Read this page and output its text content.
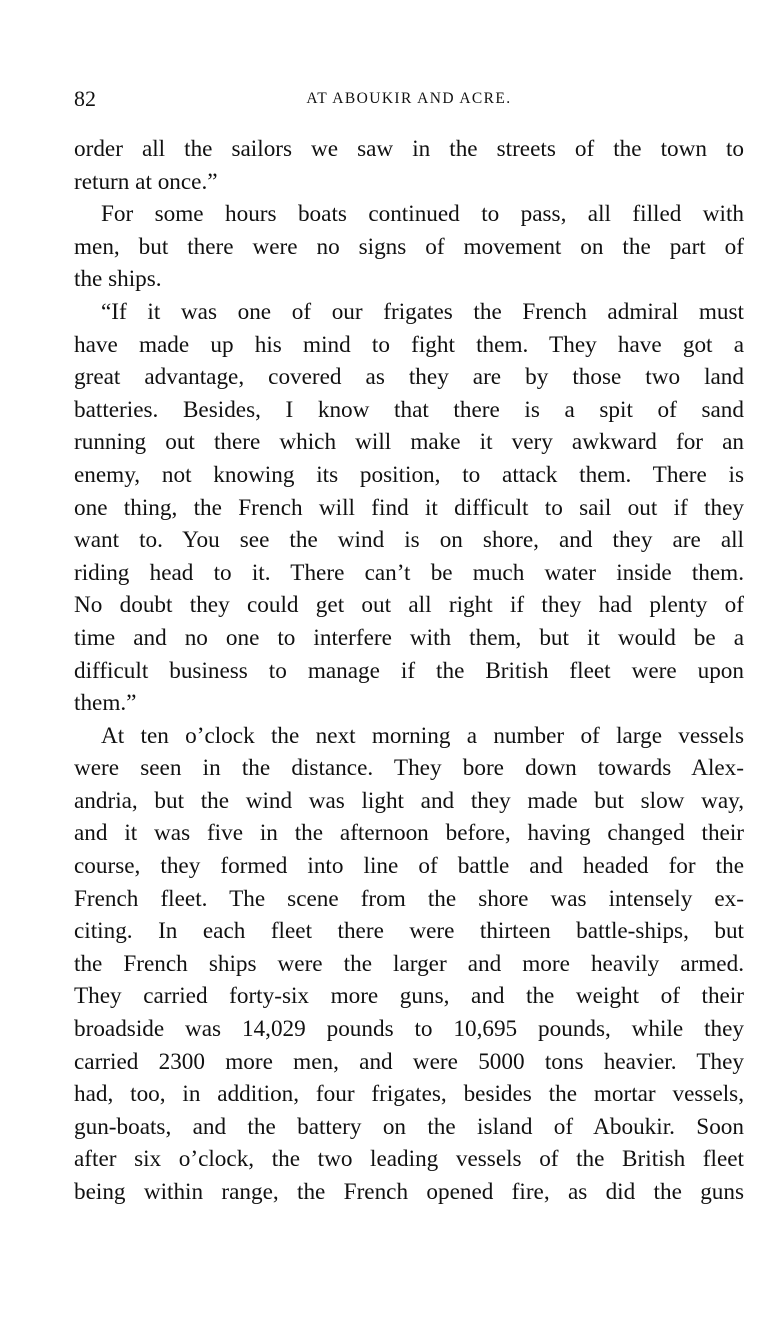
82	AT ABOUKIR AND ACRE.
order all the sailors we saw in the streets of the town to
return at once.”
For some hours boats continued to pass, all filled with
men, but there were no signs of movement on the part of
the ships.
“If it was one of our frigates the French admiral must
have made up his mind to fight them. They have got a
great advantage, covered as they are by those two land
batteries. Besides, I know that there is a spit of sand
running out there which will make it very awkward for an
enemy, not knowing its position, to attack them. There is
one thing, the French will find it difficult to sail out if they
want to. You see the wind is on shore, and they are all
riding head to it. There can’t be much water inside them.
No doubt they could get out all right if they had plenty of
time and no one to interfere with them, but it would be a
difficult business to manage if the British fleet were upon
them.”
At ten o’clock the next morning a number of large vessels
were seen in the distance. They bore down towards Alex-
andria, but the wind was light and they made but slow way,
and it was five in the afternoon before, having changed their
course, they formed into line of battle and headed for the
French fleet. The scene from the shore was intensely ex-
citing. In each fleet there were thirteen battle-ships, but
the French ships were the larger and more heavily armed.
They carried forty-six more guns, and the weight of their
broadside was 14,029 pounds to 10,695 pounds, while they
carried 2300 more men, and were 5000 tons heavier. They
had, too, in addition, four frigates, besides the mortar vessels,
gun-boats, and the battery on the island of Aboukir. Soon
after six o’clock, the two leading vessels of the British fleet
being within range, the French opened fire, as did the guns
